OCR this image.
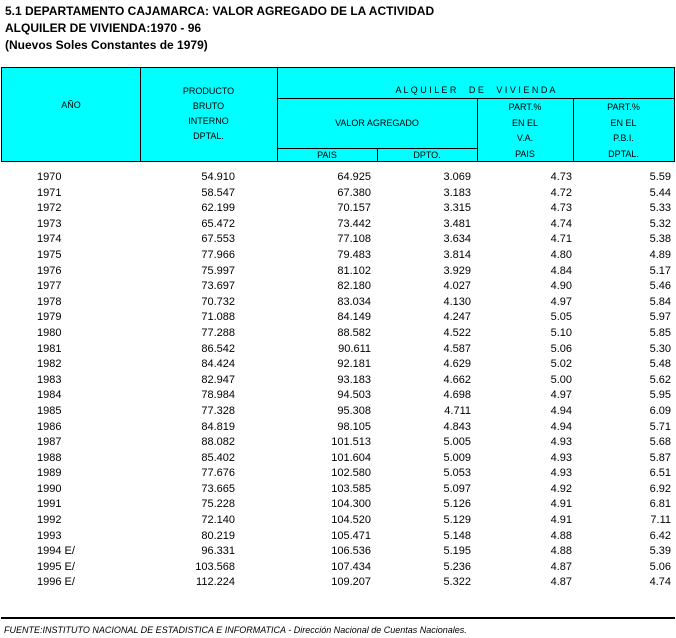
5.1 DEPARTAMENTO CAJAMARCA: VALOR AGREGADO DE LA ACTIVIDAD
ALQUILER DE VIVIENDA:1970 - 96
(Nuevos Soles Constantes de 1979)
AÑO
PRODUCTO
BRUTO
INTERNO
DPTAL.
A L Q U I L E R     D E     V I V I E N D A
VALOR AGREGADO
PAIS	DPTO.
PART.%
EN EL
V.A.
PAIS
PART.%
EN EL
P.B.I.
DPTAL.
1970	54.910	64.925	3.069	4.73	5.59
1971	58.547	67.380	3.183	4.72	5.44
1972	62.199	70.157	3.315	4.73	5.33
1973	65.472	73.442	3.481	4.74	5.32
1974	67.553	77.108	3.634	4.71	5.38
1975	77.966	79.483	3.814	4.80	4.89
1976	75.997	81.102	3.929	4.84	5.17
1977	73.697	82.180	4.027	4.90	5.46
1978	70.732	83.034	4.130	4.97	5.84
1979	71.088	84.149	4.247	5.05	5.97
1980	77.288	88.582	4.522	5.10	5.85
1981	86.542	90.611	4.587	5.06	5.30
1982	84.424	92.181	4.629	5.02	5.48
1983	82.947	93.183	4.662	5.00	5.62
1984	78.984	94.503	4.698	4.97	5.95
1985	77.328	95.308	4.711	4.94	6.09
1986	84.819	98.105	4.843	4.94	5.71
1987	88.082	101.513	5.005	4.93	5.68
1988	85.402	101.604	5.009	4.93	5.87
1989	77.676	102.580	5.053	4.93	6.51
1990	73.665	103.585	5.097	4.92	6.92
1991	75.228	104.300	5.126	4.91	6.81
1992	72.140	104.520	5.129	4.91	7.11
1993	80.219	105.471	5.148	4.88	6.42
1994 E/	96.331	106.536	5.195	4.88	5.39
1995 E/	103.568	107.434	5.236	4.87	5.06
1996 E/	112.224	109.207	5.322	4.87	4.74
FUENTE:INSTITUTO NACIONAL DE ESTADISTICA E INFORMATICA - Dirección Nacional de Cuentas Nacionales.
